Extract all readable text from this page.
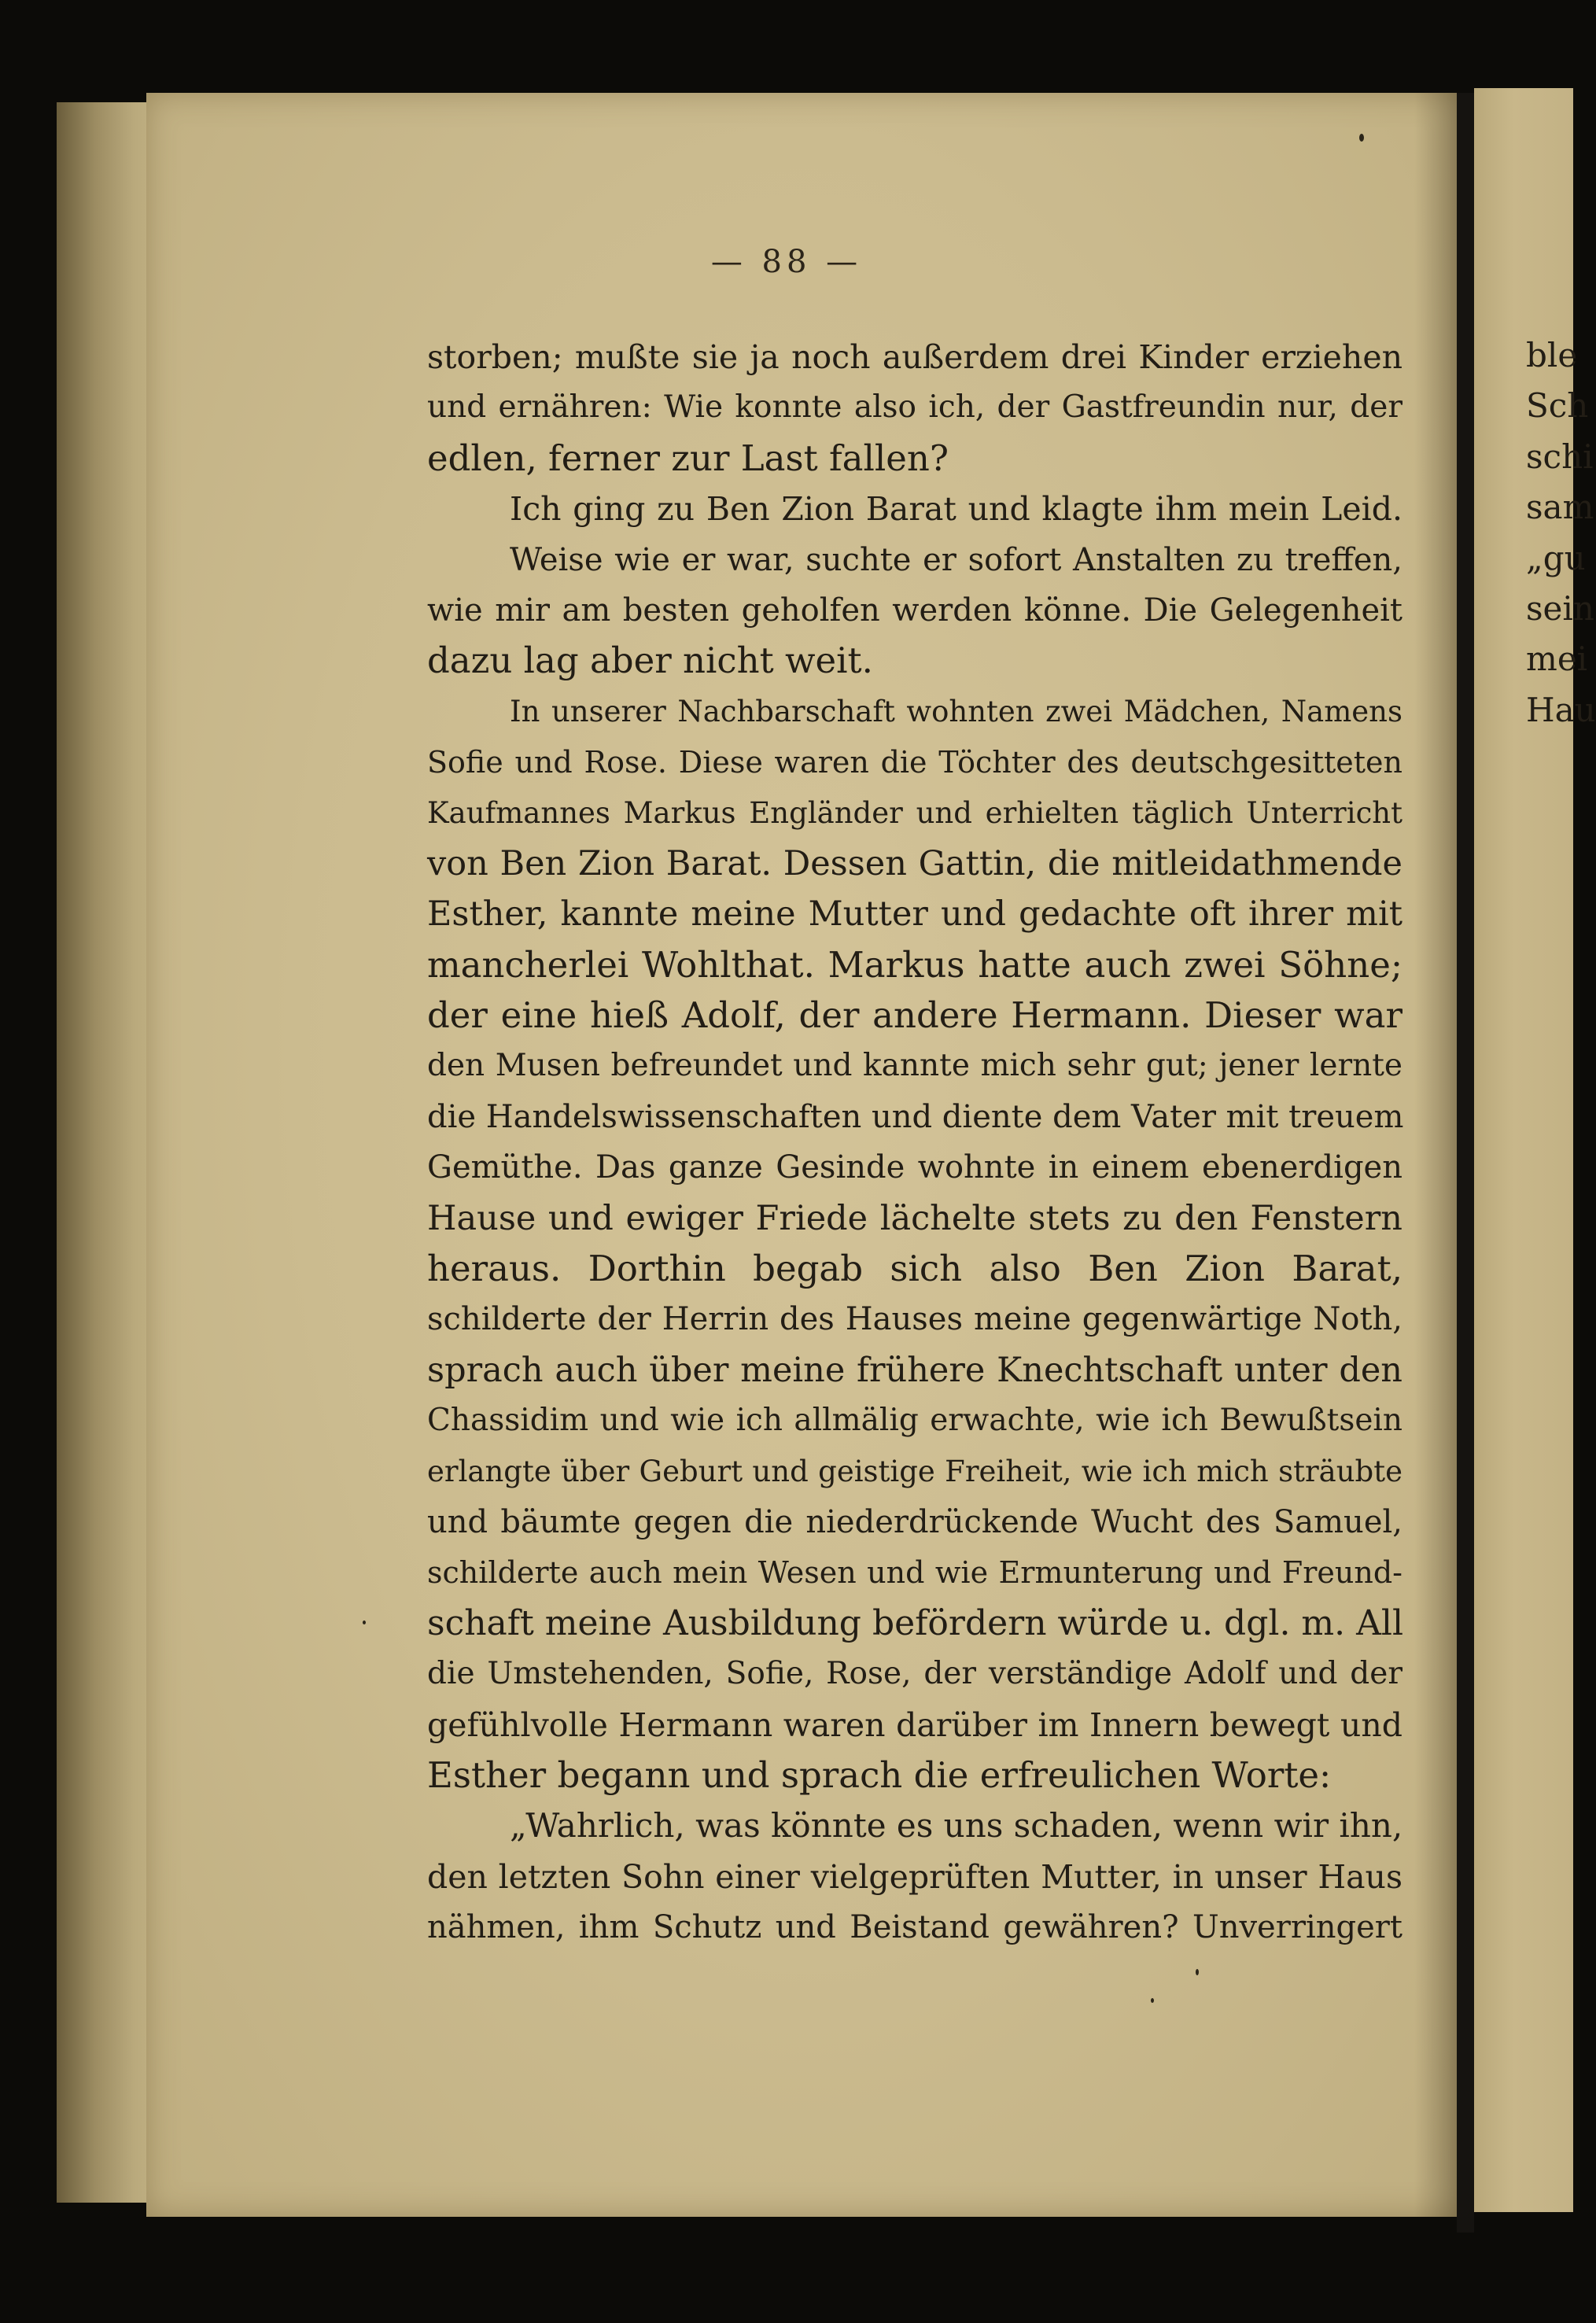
— 88 —
storben; mußte sie ja noch außerdem drei Kinder erziehen
und ernähren: Wie konnte also ich, der Gastfreundin nur, der
edlen, ferner zur Last fallen?
Ich ging zu Ben Zion Barat und klagte ihm mein Leid.
Weise wie er war, suchte er sofort Anstalten zu treffen,
wie mir am besten geholfen werden könne. Die Gelegenheit
dazu lag aber nicht weit.
In unserer Nachbarschaft wohnten zwei Mädchen, Namens
Sofie und Rose. Diese waren die Töchter des deutschgesitteten
Kaufmannes Markus Engländer und erhielten täglich Unterricht
von Ben Zion Barat. Dessen Gattin, die mitleidathmende
Esther, kannte meine Mutter und gedachte oft ihrer mit
mancherlei Wohlthat. Markus hatte auch zwei Söhne;
der eine hieß Adolf, der andere Hermann. Dieser war
den Musen befreundet und kannte mich sehr gut; jener lernte
die Handelswissenschaften und diente dem Vater mit treuem
Gemüthe. Das ganze Gesinde wohnte in einem ebenerdigen
Hause und ewiger Friede lächelte stets zu den Fenstern
heraus. Dorthin begab sich also Ben Zion Barat,
schilderte der Herrin des Hauses meine gegenwärtige Noth,
sprach auch über meine frühere Knechtschaft unter den
Chassidim und wie ich allmälig erwachte, wie ich Bewußtsein
erlangte über Geburt und geistige Freiheit, wie ich mich sträubte
und bäumte gegen die niederdrückende Wucht des Samuel,
schilderte auch mein Wesen und wie Ermunterung und Freund-
schaft meine Ausbildung befördern würde u. dgl. m. All
die Umstehenden, Sofie, Rose, der verständige Adolf und der
gefühlvolle Hermann waren darüber im Innern bewegt und
Esther begann und sprach die erfreulichen Worte:
„Wahrlich, was könnte es uns schaden, wenn wir ihn,
den letzten Sohn einer vielgeprüften Mutter, in unser Haus
nähmen, ihm Schutz und Beistand gewähren? Unverringert
ble
Sch
schi
sam
„gu
sein
mei
Hau
